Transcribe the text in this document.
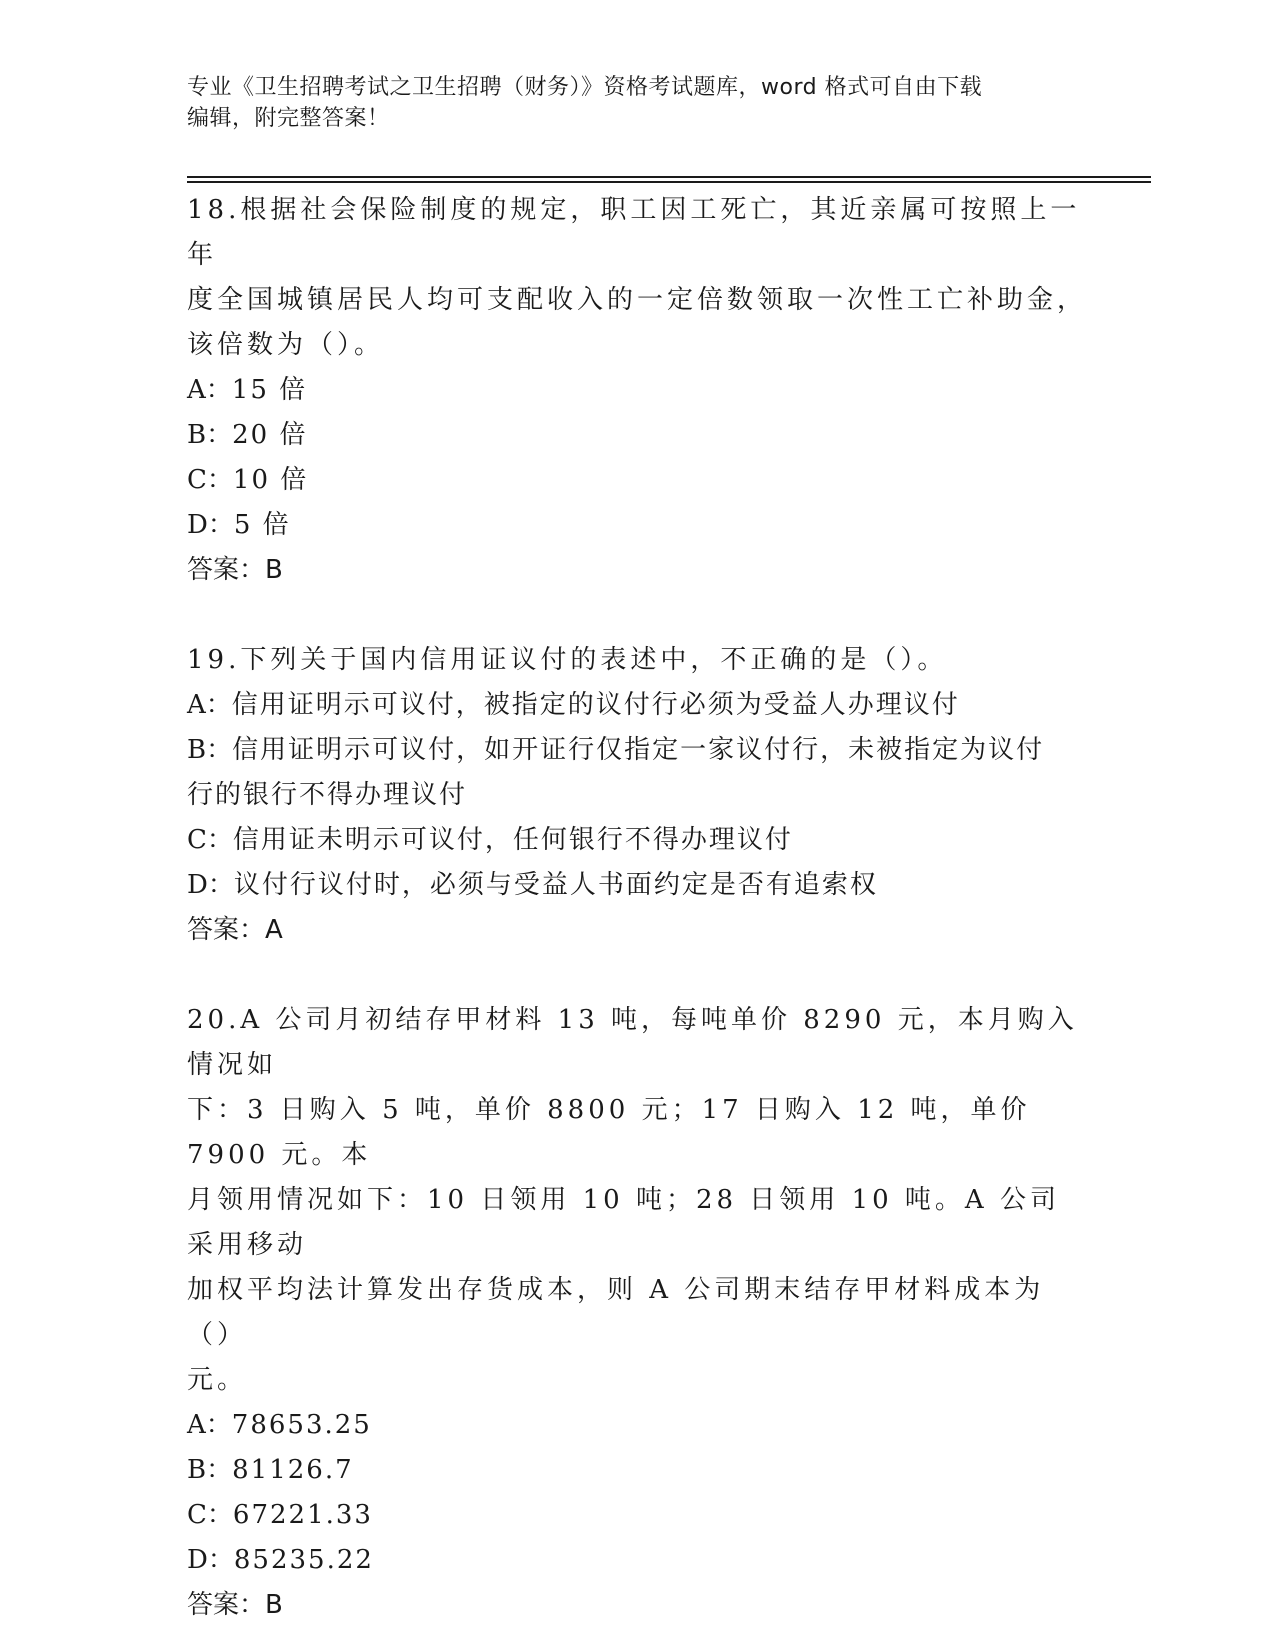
专业《卫生招聘考试之卫生招聘（财务）》资格考试题库，word 格式可自由下载
编辑，附完整答案！

18.根据社会保险制度的规定，职工因工死亡，其近亲属可按照上一年

度全国城镇居民人均可支配收入的一定倍数领取一次性工亡补助金，

该倍数为（）。

A：15 倍

B：20 倍

C：10 倍

D：5 倍

答案：B

19.下列关于国内信用证议付的表述中，不正确的是（）。

A：信用证明示可议付，被指定的议付行必须为受益人办理议付

B：信用证明示可议付，如开证行仅指定一家议付行，未被指定为议付

行的银行不得办理议付

C：信用证未明示可议付，任何银行不得办理议付

D：议付行议付时，必须与受益人书面约定是否有追索权

答案：A

20.A 公司月初结存甲材料 13 吨，每吨单价 8290 元，本月购入情况如

下：3 日购入 5 吨，单价 8800 元；17 日购入 12 吨，单价 7900 元。本

月领用情况如下：10 日领用 10 吨；28 日领用 10 吨。A 公司采用移动

加权平均法计算发出存货成本，则 A 公司期末结存甲材料成本为（）

元。

A：78653.25

B：81126.7

C：67221.33

D：85235.22

答案：B
